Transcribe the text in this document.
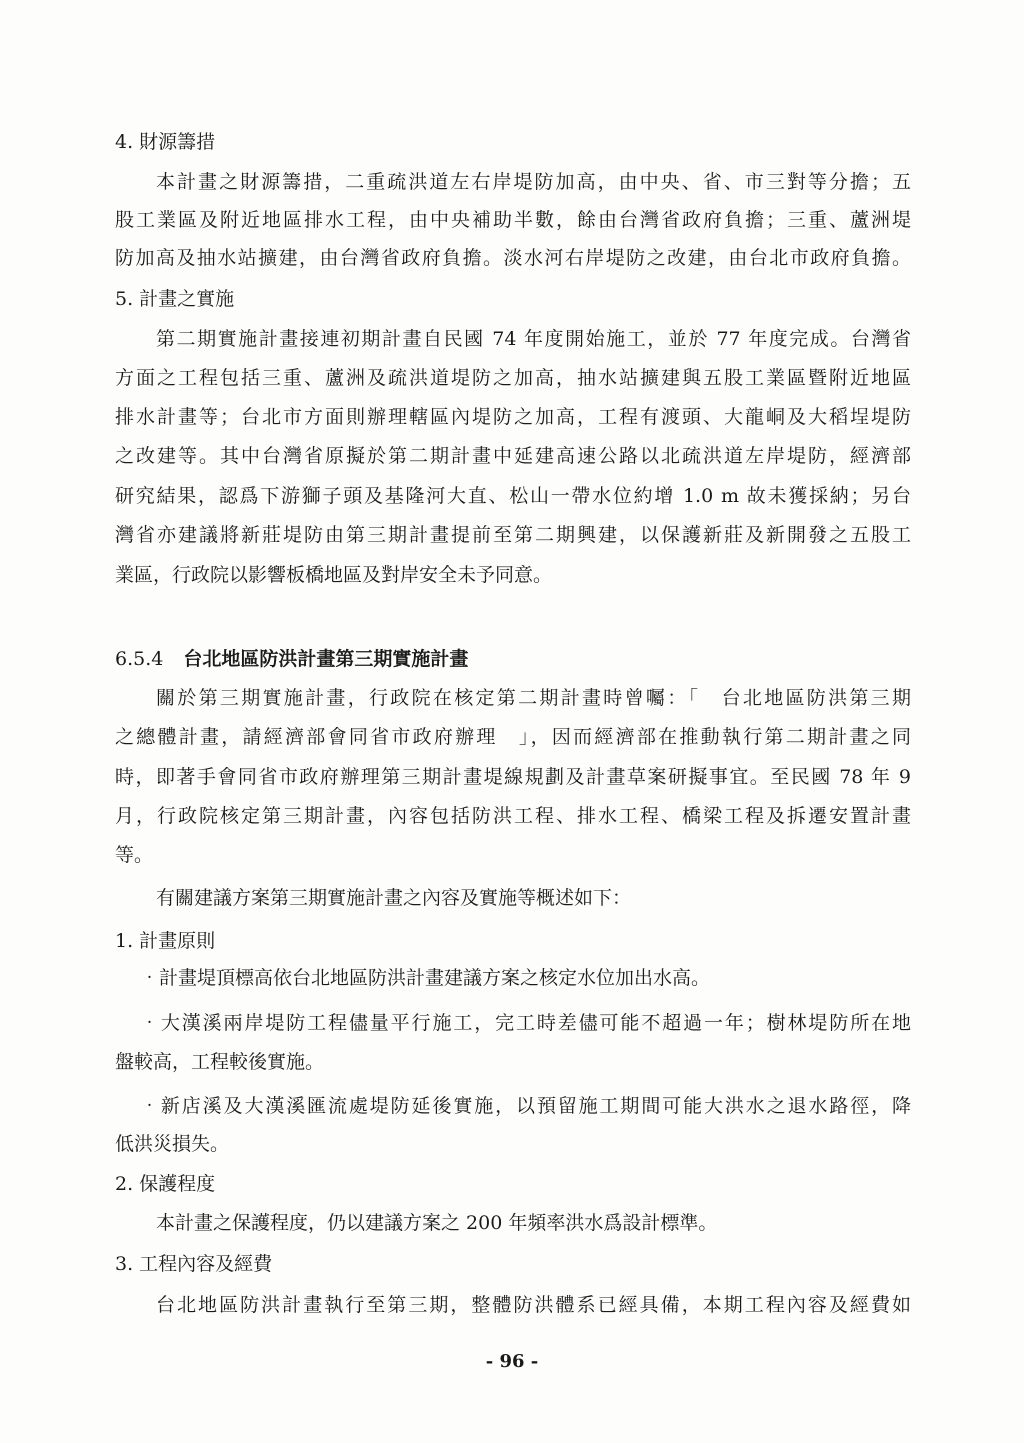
4. 財源籌措
本計畫之財源籌措，二重疏洪道左右岸堤防加高，由中央、省、市三對等分擔；五
股工業區及附近地區排水工程，由中央補助半數，餘由台灣省政府負擔；三重、蘆洲堤
防加高及抽水站擴建，由台灣省政府負擔。淡水河右岸堤防之改建，由台北市政府負擔。
5. 計畫之實施
第二期實施計畫接連初期計畫自民國 74 年度開始施工，並於 77 年度完成。台灣省
方面之工程包括三重、蘆洲及疏洪道堤防之加高，抽水站擴建與五股工業區暨附近地區
排水計畫等；台北市方面則辦理轄區內堤防之加高，工程有渡頭、大龍峒及大稻埕堤防
之改建等。其中台灣省原擬於第二期計畫中延建高速公路以北疏洪道左岸堤防，經濟部
研究結果，認爲下游獅子頭及基隆河大直、松山一帶水位約增 1.0 m 故未獲採納；另台
灣省亦建議將新莊堤防由第三期計畫提前至第二期興建，以保護新莊及新開發之五股工
業區，行政院以影響板橋地區及對岸安全未予同意。
6.5.4 台北地區防洪計畫第三期實施計畫
關於第三期實施計畫，行政院在核定第二期計畫時曾囑：「　台北地區防洪第三期
之總體計畫，請經濟部會同省市政府辦理　」，因而經濟部在推動執行第二期計畫之同
時，即著手會同省市政府辦理第三期計畫堤線規劃及計畫草案研擬事宜。至民國 78 年 9
月，行政院核定第三期計畫，內容包括防洪工程、排水工程、橋梁工程及拆遷安置計畫
等。
有關建議方案第三期實施計畫之內容及實施等概述如下：
1. 計畫原則
‧計畫堤頂標高依台北地區防洪計畫建議方案之核定水位加出水高。
‧大漢溪兩岸堤防工程儘量平行施工，完工時差儘可能不超過一年；樹林堤防所在地
盤較高，工程較後實施。
‧新店溪及大漢溪匯流處堤防延後實施，以預留施工期間可能大洪水之退水路徑，降
低洪災損失。
2. 保護程度
本計畫之保護程度，仍以建議方案之 200 年頻率洪水爲設計標準。
3. 工程內容及經費
台北地區防洪計畫執行至第三期，整體防洪體系已經具備，本期工程內容及經費如
- 96 -
